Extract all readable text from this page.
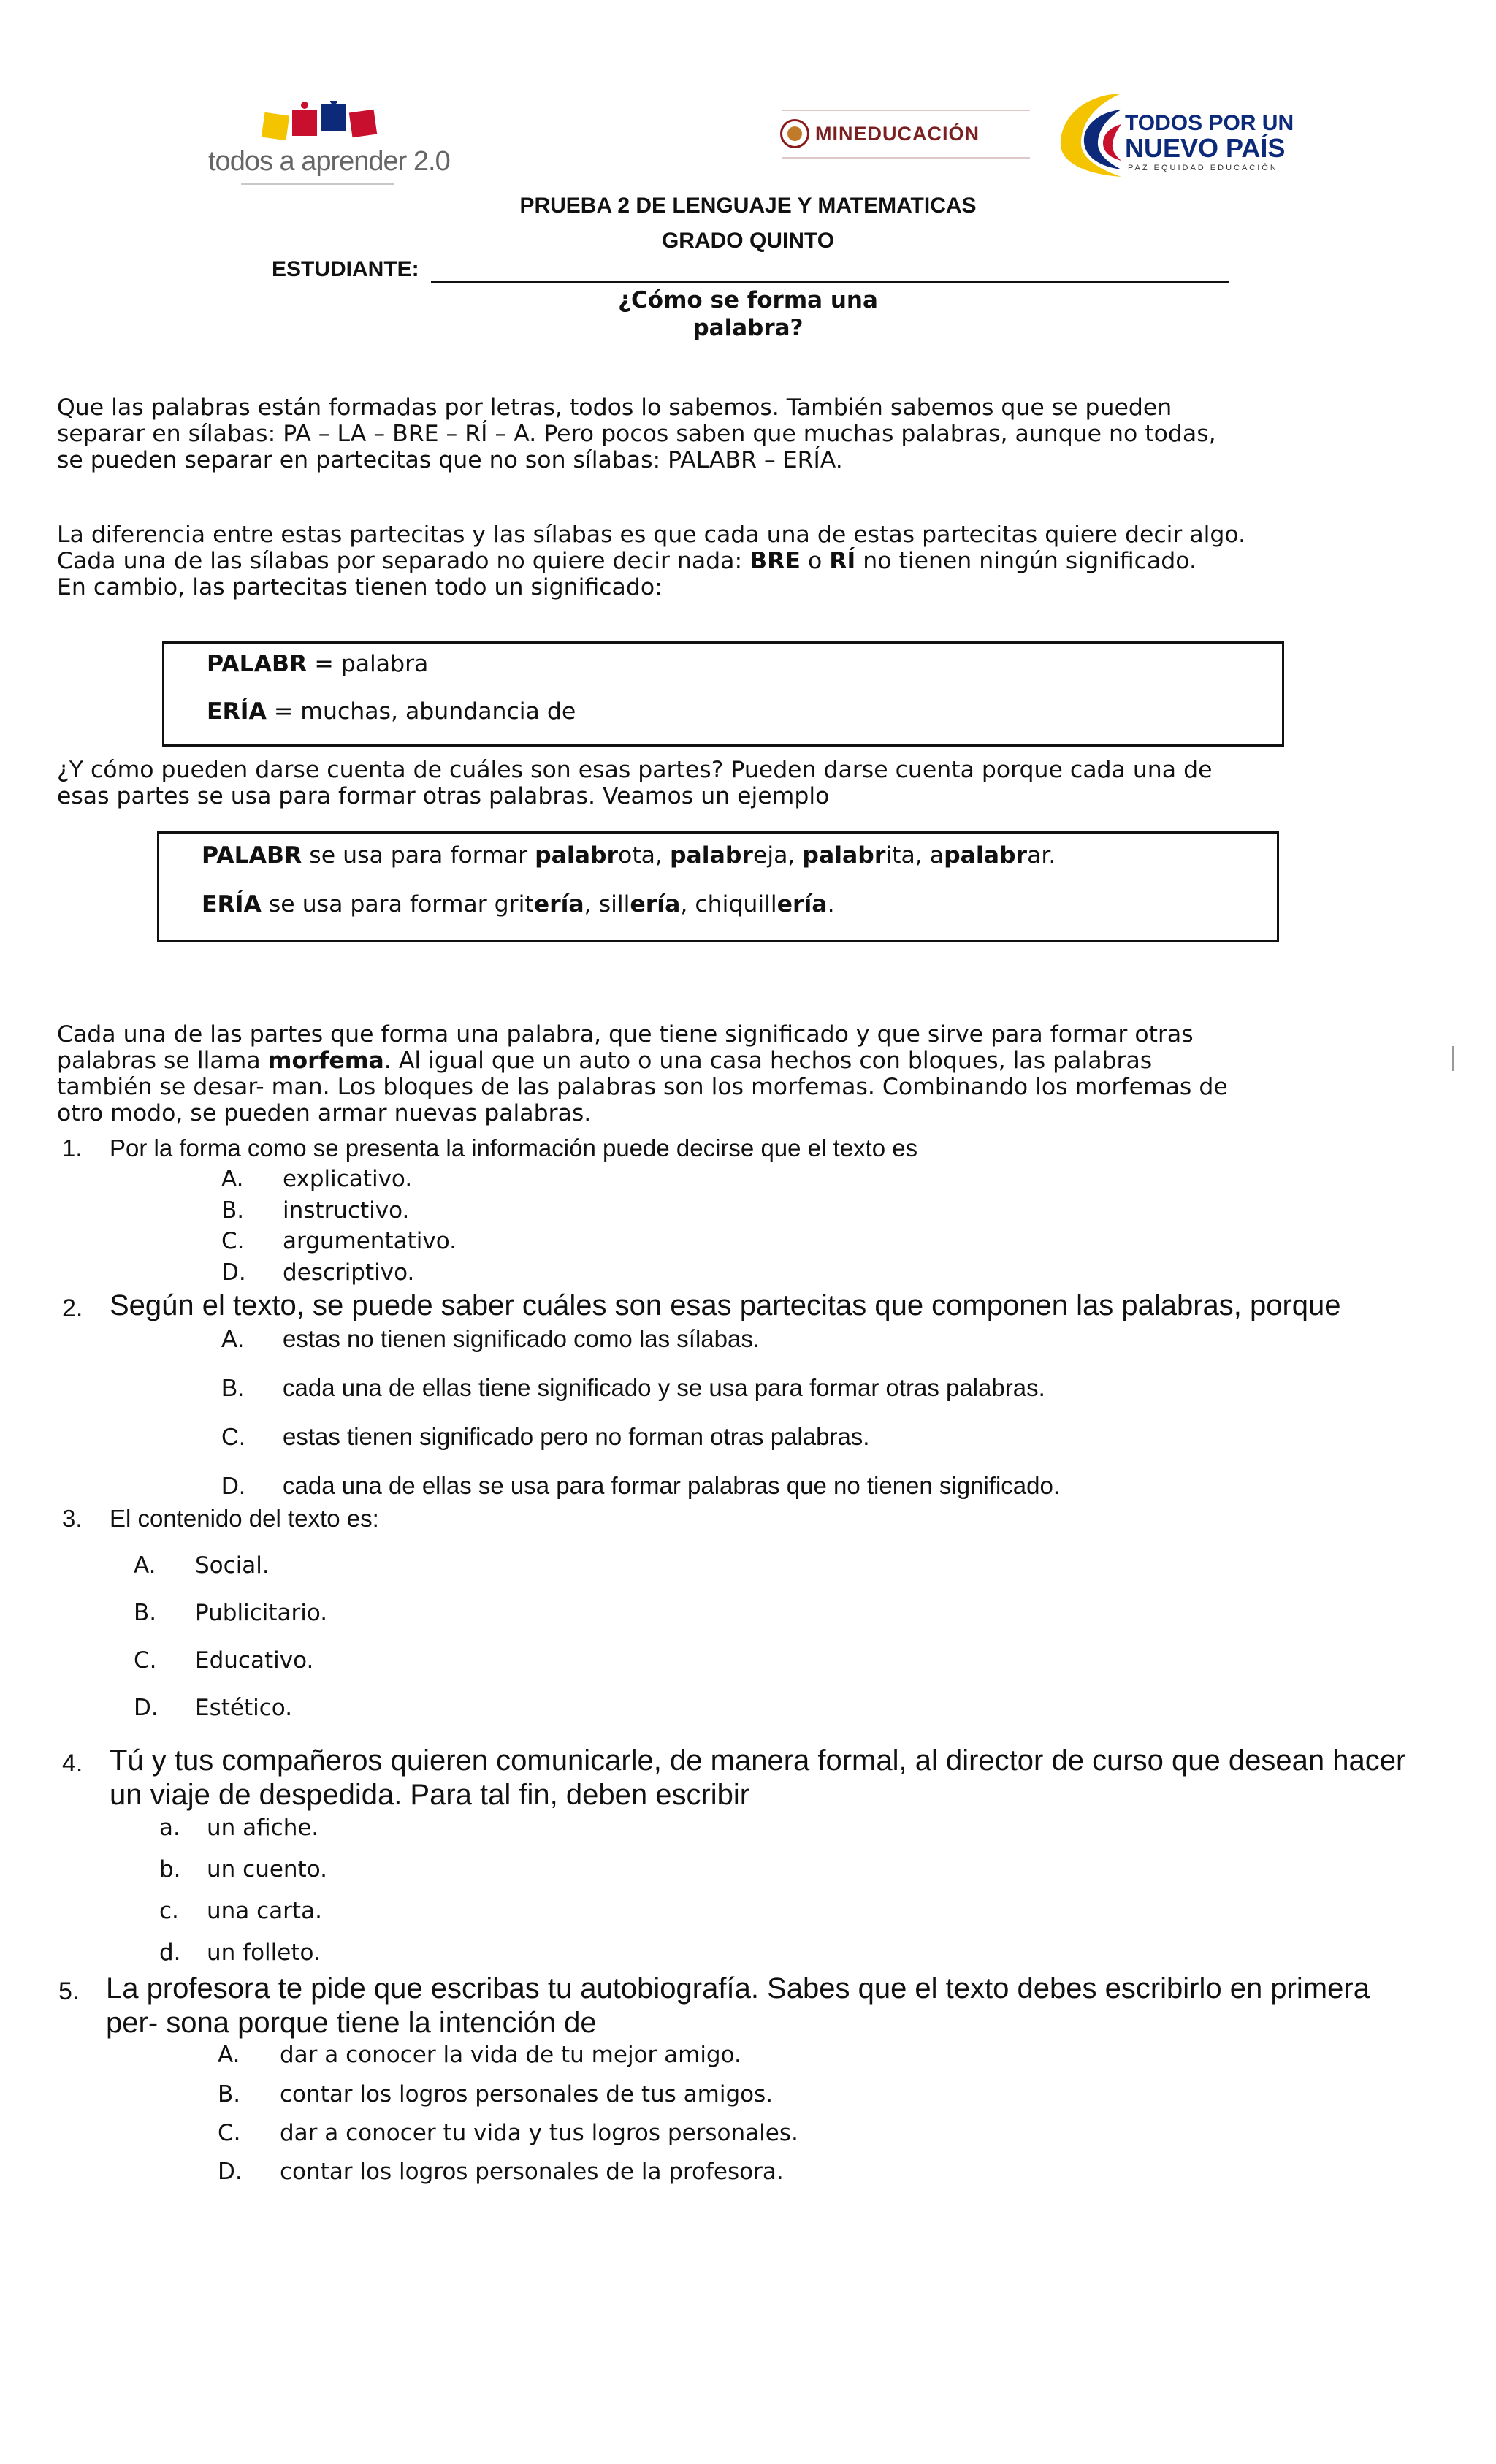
todos a aprender 2.0
MINEDUCACIÓN	TODOS POR UN
NUEVO PAÍS
PAZ EQUIDAD EDUCACIÓN
PRUEBA 2 DE LENGUAJE Y MATEMATICAS
GRADO QUINTO
ESTUDIANTE:
¿Cómo se forma una
palabra?
Que las palabras están formadas por letras, todos lo sabemos. También sabemos que se pueden
separar en sílabas: PA – LA – BRE – RÍ – A. Pero pocos saben que muchas palabras, aunque no todas,
se pueden separar en partecitas que no son sílabas: PALABR – ERÍA.
La diferencia entre estas partecitas y las sílabas es que cada una de estas partecitas quiere decir algo.
Cada una de las sílabas por separado no quiere decir nada: BRE o RÍ no tienen ningún significado.
En cambio, las partecitas tienen todo un significado:
PALABR = palabra
ERÍA = muchas, abundancia de
¿Y cómo pueden darse cuenta de cuáles son esas partes? Pueden darse cuenta porque cada una de
esas partes se usa para formar otras palabras. Veamos un ejemplo
PALABR se usa para formar palabrota, palabreja, palabrita, apalabrar.
ERÍA se usa para formar gritería, sillería, chiquillería.
Cada una de las partes que forma una palabra, que tiene significado y que sirve para formar otras
palabras se llama morfema. Al igual que un auto o una casa hechos con bloques, las palabras
también se desar- man. Los bloques de las palabras son los morfemas. Combinando los morfemas de
otro modo, se pueden armar nuevas palabras.
1. Por la forma como se presenta la información puede decirse que el texto es
A. explicativo.
B. instructivo.
C. argumentativo.
D. descriptivo.
2. Según el texto, se puede saber cuáles son esas partecitas que componen las palabras, porque
A. estas no tienen significado como las sílabas.
B. cada una de ellas tiene significado y se usa para formar otras palabras.
C. estas tienen significado pero no forman otras palabras.
D. cada una de ellas se usa para formar palabras que no tienen significado.
3. El contenido del texto es:
A. Social.
B. Publicitario.
C. Educativo.
D. Estético.
4. Tú y tus compañeros quieren comunicarle, de manera formal, al director de curso que desean hacer
un viaje de despedida. Para tal fin, deben escribir
a. un afiche.
b. un cuento.
c. una carta.
d. un folleto.
5. La profesora te pide que escribas tu autobiografía. Sabes que el texto debes escribirlo en primera
per- sona porque tiene la intención de
A. dar a conocer la vida de tu mejor amigo.
B. contar los logros personales de tus amigos.
C. dar a conocer tu vida y tus logros personales.
D. contar los logros personales de la profesora.
